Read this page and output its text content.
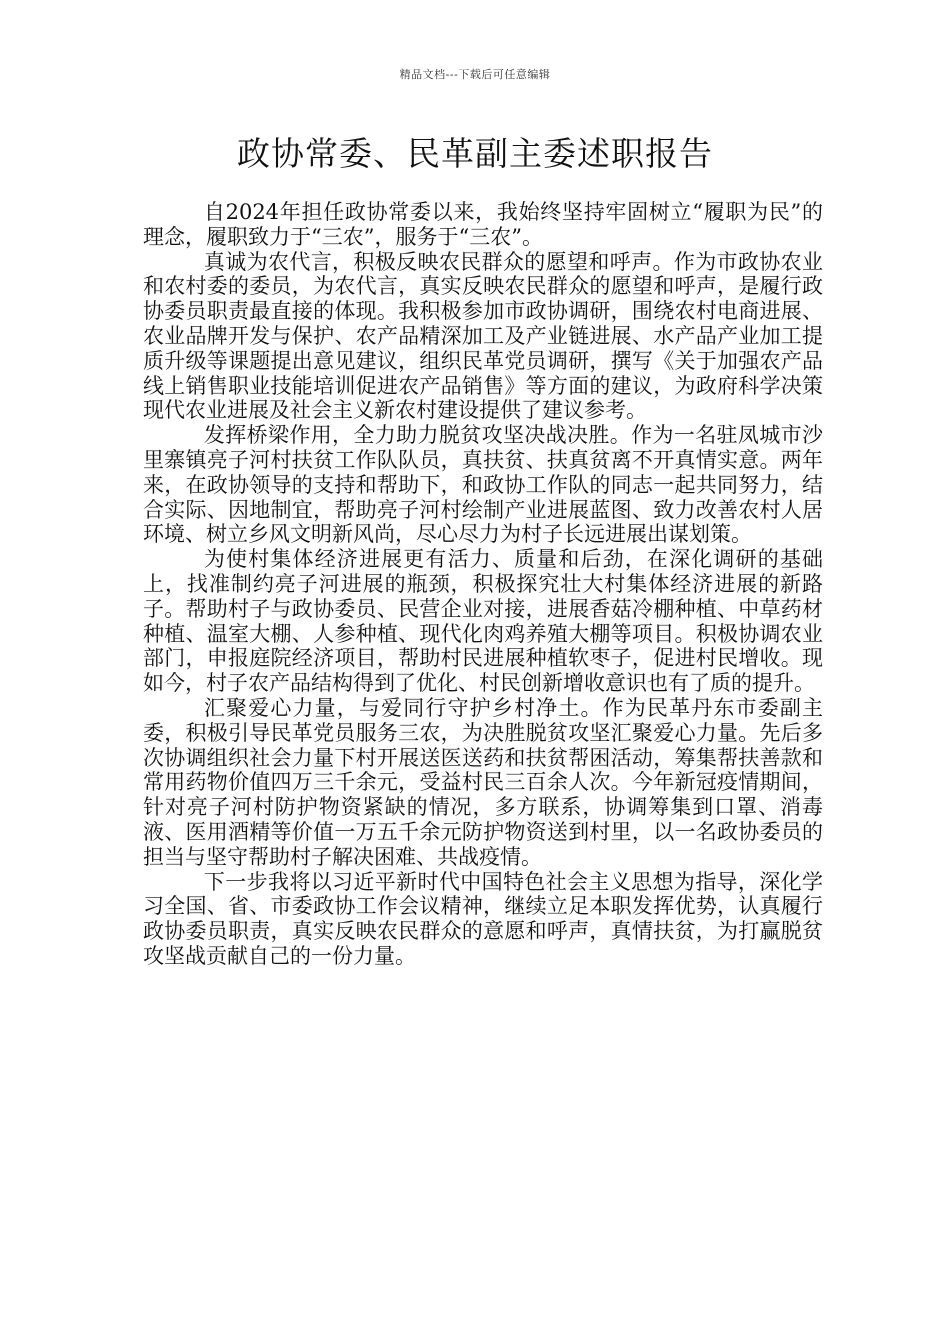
精品文档---下载后可任意编辑
政协常委、民革副主委述职报告

自2024年担任政协常委以来，我始终坚持牢固树立“履职为民”的理念，履职致力于“三农”，服务于“三农”。

真诚为农代言，积极反映农民群众的愿望和呼声。作为市政协农业和农村委的委员，为农代言，真实反映农民群众的愿望和呼声，是履行政协委员职责最直接的体现。我积极参加市政协调研，围绕农村电商进展、农业品牌开发与保护、农产品精深加工及产业链进展、水产品产业加工提质升级等课题提出意见建议，组织民革党员调研，撰写《关于加强农产品线上销售职业技能培训促进农产品销售》等方面的建议，为政府科学决策现代农业进展及社会主义新农村建设提供了建议参考。

发挥桥梁作用，全力助力脱贫攻坚决战决胜。作为一名驻凤城市沙里寨镇亮子河村扶贫工作队队员，真扶贫、扶真贫离不开真情实意。两年来，在政协领导的支持和帮助下，和政协工作队的同志一起共同努力，结合实际、因地制宜，帮助亮子河村绘制产业进展蓝图、致力改善农村人居环境、树立乡风文明新风尚，尽心尽力为村子长远进展出谋划策。

为使村集体经济进展更有活力、质量和后劲，在深化调研的基础上，找准制约亮子河进展的瓶颈，积极探究壮大村集体经济进展的新路子。帮助村子与政协委员、民营企业对接，进展香菇冷棚种植、中草药材种植、温室大棚、人参种植、现代化肉鸡养殖大棚等项目。积极协调农业部门，申报庭院经济项目，帮助村民进展种植软枣子，促进村民增收。现如今，村子农产品结构得到了优化、村民创新增收意识也有了质的提升。

汇聚爱心力量，与爱同行守护乡村净土。作为民革丹东市委副主委，积极引导民革党员服务三农，为决胜脱贫攻坚汇聚爱心力量。先后多次协调组织社会力量下村开展送医送药和扶贫帮困活动，筹集帮扶善款和常用药物价值四万三千余元，受益村民三百余人次。今年新冠疫情期间，针对亮子河村防护物资紧缺的情况，多方联系，协调筹集到口罩、消毒液、医用酒精等价值一万五千余元防护物资送到村里，以一名政协委员的担当与坚守帮助村子解决困难、共战疫情。

下一步我将以习近平新时代中国特色社会主义思想为指导，深化学习全国、省、市委政协工作会议精神，继续立足本职发挥优势，认真履行政协委员职责，真实反映农民群众的意愿和呼声，真情扶贫，为打赢脱贫攻坚战贡献自己的一份力量。
